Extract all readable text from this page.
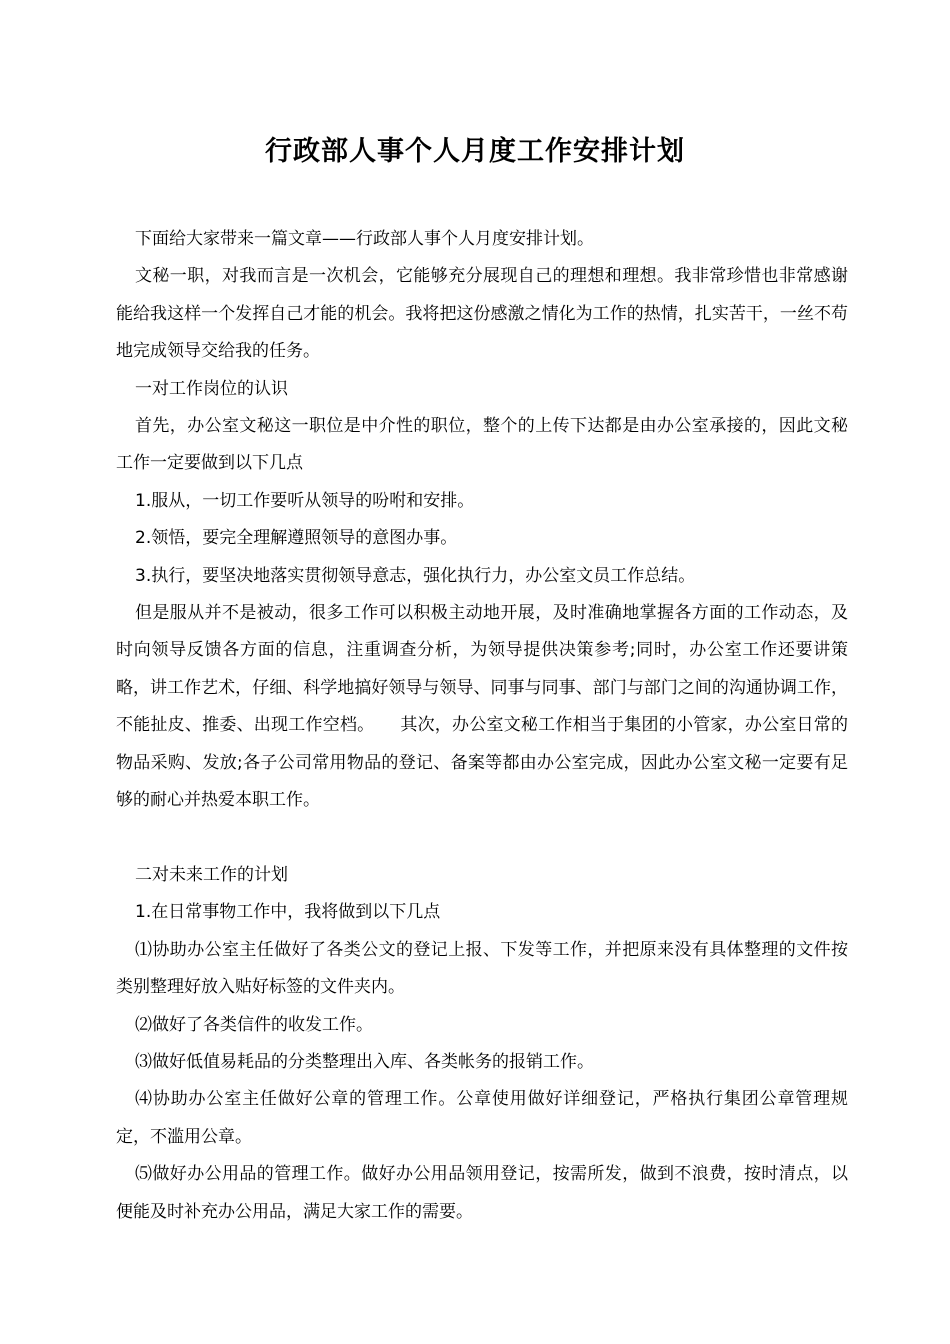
行政部人事个人月度工作安排计划

下面给大家带来一篇文章——行政部人事个人月度安排计划。

文秘一职，对我而言是一次机会，它能够充分展现自己的理想和理想。我非常珍惜也非常感谢能给我这样一个发挥自己才能的机会。我将把这份感激之情化为工作的热情，扎实苦干，一丝不苟地完成领导交给我的任务。

一对工作岗位的认识

首先，办公室文秘这一职位是中介性的职位，整个的上传下达都是由办公室承接的，因此文秘工作一定要做到以下几点

1.服从，一切工作要听从领导的吩咐和安排。

2.领悟，要完全理解遵照领导的意图办事。

3.执行，要坚决地落实贯彻领导意志，强化执行力，办公室文员工作总结。

但是服从并不是被动，很多工作可以积极主动地开展，及时准确地掌握各方面的工作动态，及时向领导反馈各方面的信息，注重调查分析，为领导提供决策参考;同时，办公室工作还要讲策略，讲工作艺术，仔细、科学地搞好领导与领导、同事与同事、部门与部门之间的沟通协调工作，不能扯皮、推委、出现工作空档。　　其次，办公室文秘工作相当于集团的小管家，办公室日常的物品采购、发放;各子公司常用物品的登记、备案等都由办公室完成，因此办公室文秘一定要有足够的耐心并热爱本职工作。

二对未来工作的计划

1.在日常事物工作中，我将做到以下几点

⑴协助办公室主任做好了各类公文的登记上报、下发等工作，并把原来没有具体整理的文件按类别整理好放入贴好标签的文件夹内。

⑵做好了各类信件的收发工作。

⑶做好低值易耗品的分类整理出入库、各类帐务的报销工作。

⑷协助办公室主任做好公章的管理工作。公章使用做好详细登记，严格执行集团公章管理规定，不滥用公章。

⑸做好办公用品的管理工作。做好办公用品领用登记，按需所发，做到不浪费，按时清点，以便能及时补充办公用品，满足大家工作的需要。
